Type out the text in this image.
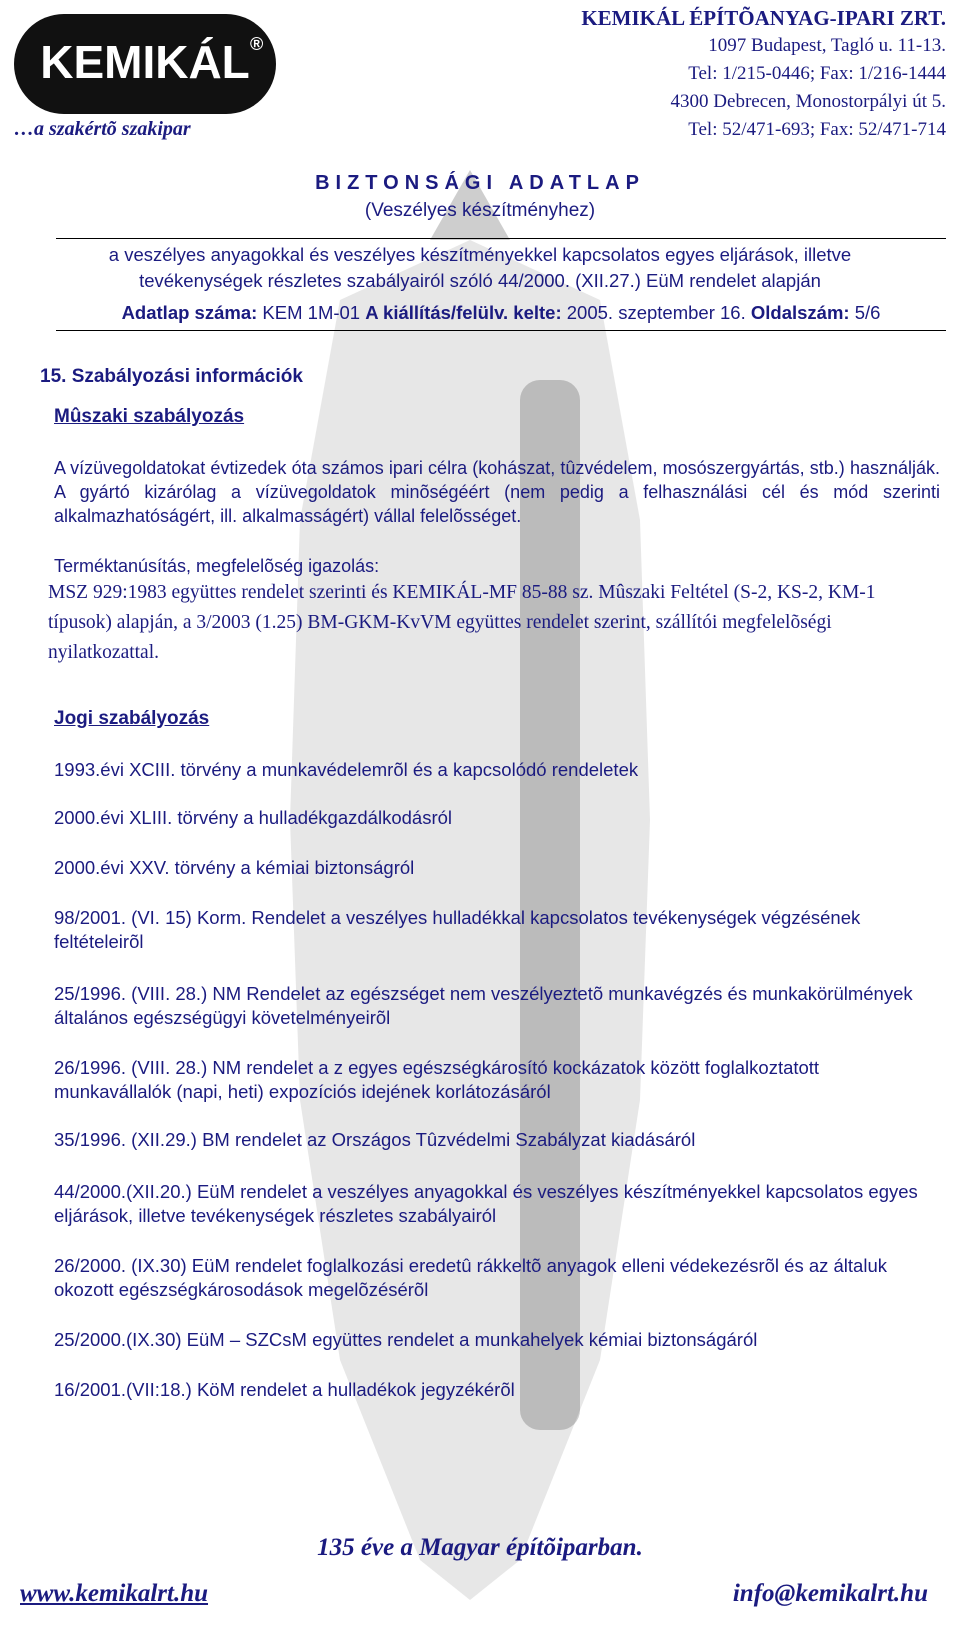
KEMIKÁL ®
…a szakértõ szakipar
KEMIKÁL ÉPÍTÕANYAG-IPARI ZRT.
1097 Budapest, Tagló u. 11-13.
Tel: 1/215-0446; Fax: 1/216-1444
4300 Debrecen, Monostorpályi út 5.
Tel: 52/471-693; Fax: 52/471-714
BIZTONSÁGI ADATLAP
(Veszélyes készítményhez)
a veszélyes anyagokkal és veszélyes készítményekkel kapcsolatos egyes eljárások, illetve
tevékenységek részletes szabályairól szóló 44/2000. (XII.27.) EüM rendelet alapján
Adatlap száma: KEM 1M-01 A kiállítás/felülv. kelte: 2005. szeptember 16. Oldalszám: 5/6
15. Szabályozási információk
Mûszaki szabályozás
A vízüvegoldatokat évtizedek óta számos ipari célra (kohászat, tûzvédelem, mosószergyártás, stb.) használják. A gyártó kizárólag a vízüvegoldatok minõségéért (nem pedig a felhasználási cél és mód szerinti alkalmazhatóságért, ill. alkalmasságért) vállal felelõsséget.
Terméktanúsítás, megfelelõség igazolás:
MSZ 929:1983 együttes rendelet szerinti és KEMIKÁL-MF 85-88 sz. Mûszaki Feltétel (S-2, KS-2, KM-1 típusok) alapján, a 3/2003 (1.25) BM-GKM-KvVM együttes rendelet szerint, szállítói megfelelõségi nyilatkozattal.
Jogi szabályozás
1993.évi XCIII. törvény a munkavédelemrõl és a kapcsolódó rendeletek
2000.évi XLIII. törvény a hulladékgazdálkodásról
2000.évi XXV. törvény a kémiai biztonságról
98/2001. (VI. 15) Korm. Rendelet a veszélyes hulladékkal kapcsolatos tevékenységek végzésének feltételeirõl
25/1996. (VIII. 28.) NM Rendelet az egészséget nem veszélyeztetõ munkavégzés és munkakörülmények általános egészségügyi követelményeirõl
26/1996. (VIII. 28.) NM rendelet a z egyes egészségkárosító kockázatok között foglalkoztatott munkavállalók (napi, heti) expozíciós idejének korlátozásáról
35/1996. (XII.29.) BM rendelet az Országos Tûzvédelmi Szabályzat kiadásáról
44/2000.(XII.20.) EüM rendelet a veszélyes anyagokkal és veszélyes készítményekkel kapcsolatos egyes eljárások, illetve tevékenységek részletes szabályairól
26/2000. (IX.30) EüM rendelet foglalkozási eredetû rákkeltõ anyagok elleni védekezésrõl és az általuk okozott egészségkárosodások megelõzésérõl
25/2000.(IX.30) EüM – SZCsM együttes rendelet a munkahelyek kémiai biztonságáról
16/2001.(VII:18.) KöM rendelet a hulladékok jegyzékérõl
135 éve a Magyar építõiparban.
www.kemikalrt.hu	info@kemikalrt.hu
